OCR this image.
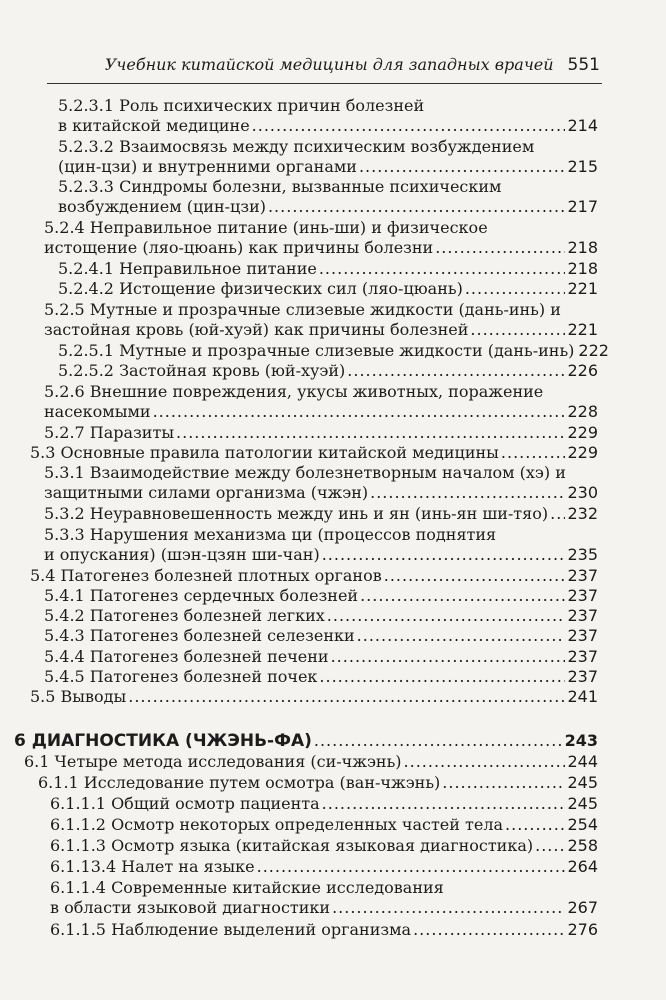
Учебник китайской медицины для западных врачей 551
5.2.3.1 Роль психических причин болезней
в китайской медицине .....	214
5.2.3.2 Взаимосвязь между психическим возбуждением
(цин-цзи) и внутренними органами .....	215
5.2.3.3 Синдромы болезни, вызванные психическим
возбуждением (цин-цзи) .....	217
5.2.4 Неправильное питание (инь-ши) и физическое
истощение (ляо-цюань) как причины болезни .....	218
5.2.4.1 Неправильное питание .....	218
5.2.4.2 Истощение физических сил (ляо-цюань) .....	221
5.2.5 Мутные и прозрачные слизевые жидкости (дань-инь) и
застойная кровь (юй-хуэй) как причины болезней .....	221
5.2.5.1 Мутные и прозрачные слизевые жидкости (дань-инь) 222
5.2.5.2 Застойная кровь (юй-хуэй) .....	226
5.2.6 Внешние повреждения, укусы животных, поражение
насекомыми .....	228
5.2.7 Паразиты .....	229
5.3 Основные правила патологии китайской медицины .....	229
5.3.1 Взаимодействие между болезнетворным началом (хэ) и
защитными силами организма (чжэн) .....	230
5.3.2 Неуравновешенность между инь и ян (инь-ян ши-тяо) ..... 232
5.3.3 Нарушения механизма ци (процессов поднятия
и опускания) (шэн-цзян ши-чан) .....	235
5.4 Патогенез болезней плотных органов .....	237
5.4.1 Патогенез сердечных болезней .....	237
5.4.2 Патогенез болезней легких .....	237
5.4.3 Патогенез болезней селезенки .....	237
5.4.4 Патогенез болезней печени .....	237
5.4.5 Патогенез болезней почек .....	237
5.5 Выводы .....	241
6 ДИАГНОСТИКА (ЧЖЭНЬ-ФА) .....	243
6.1 Четыре метода исследования (си-чжэнь) .....	244
6.1.1 Исследование путем осмотра (ван-чжэнь) .....	245
6.1.1.1 Общий осмотр пациента .....	245
6.1.1.2 Осмотр некоторых определенных частей тела .....	254
6.1.1.3 Осмотр языка (китайская языковая диагностика) ..... 258
6.1.13.4 Налет на языке .....	264
6.1.1.4 Современные китайские исследования
в области языковой диагностики .....	267
6.1.1.5 Наблюдение выделений организма .....	276
